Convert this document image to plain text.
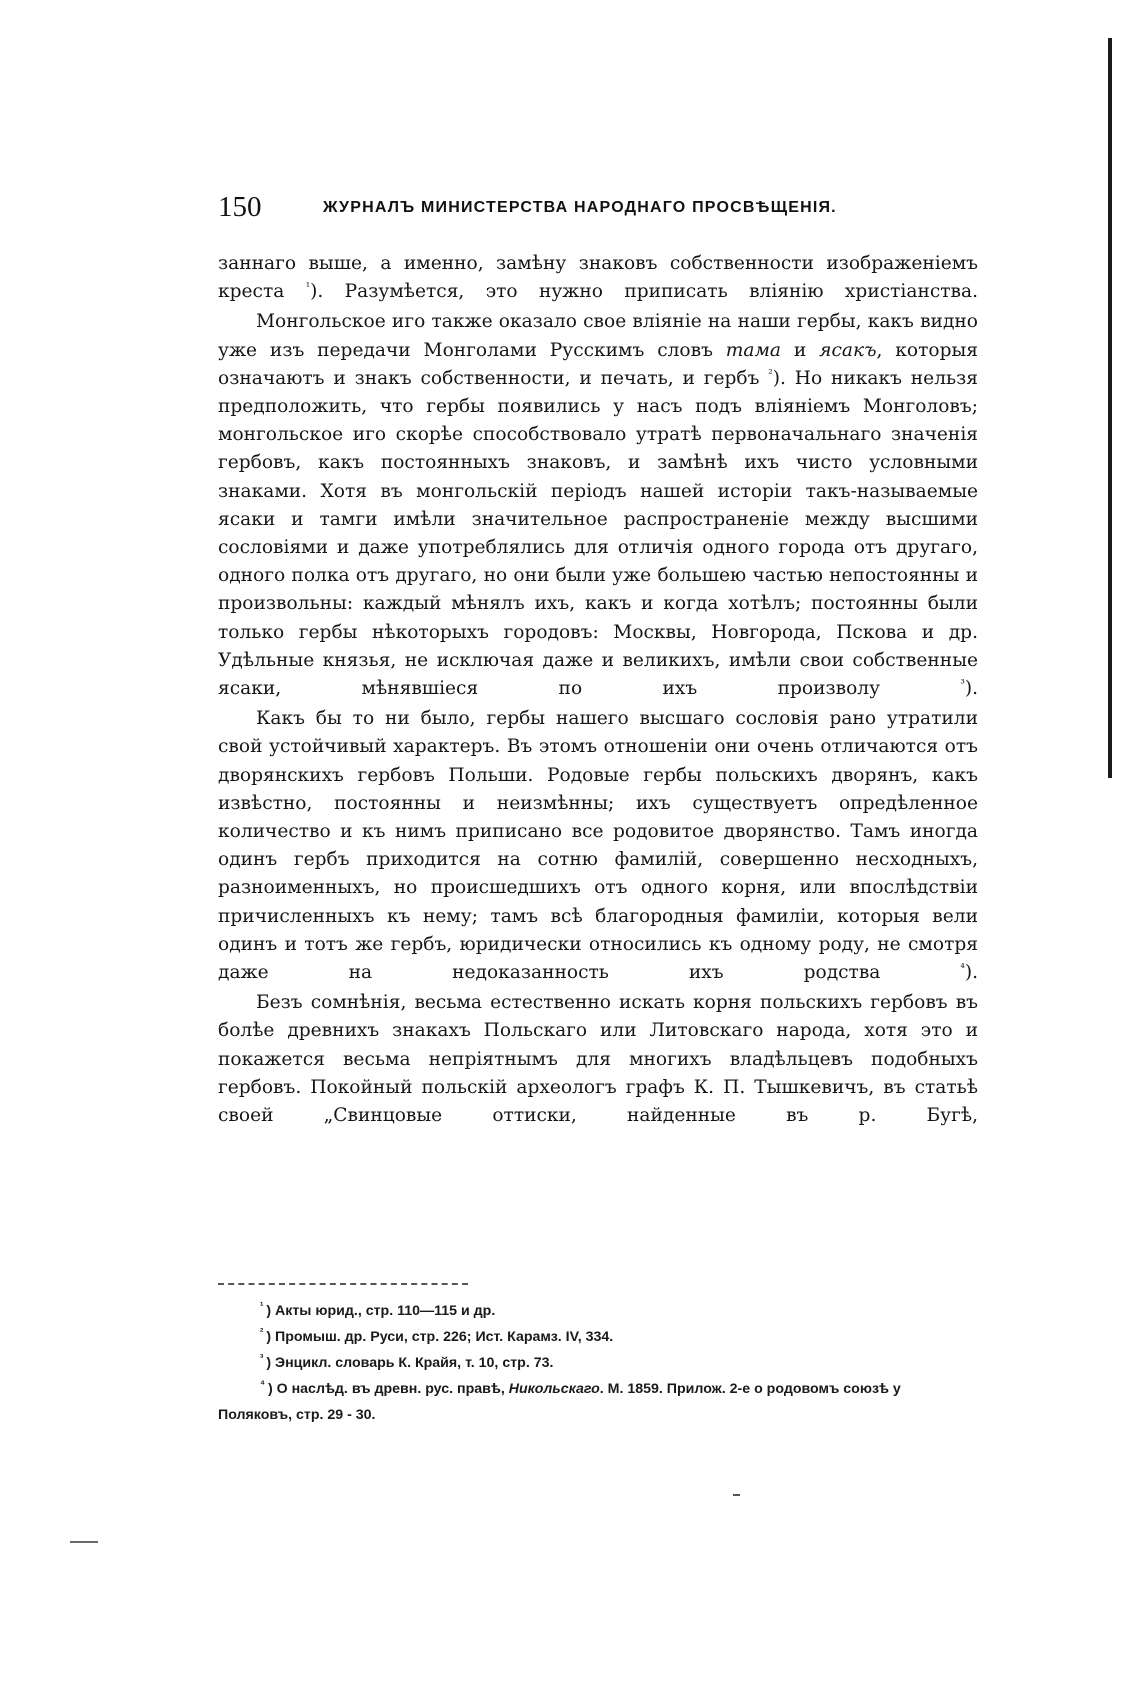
150	ЖУРНАЛЪ МИНИСТЕРСТВА НАРОДНАГО ПРОСВѢЩЕНІЯ.

заннаго выше, а именно, замѣну знаковъ собственности изображеніемъ креста $^{^1}$). Разумѣется, это нужно приписать вліянію христіанства.

Монгольское иго также оказало свое вліяніе на наши гербы, какъ видно уже изъ передачи Монголами Русскимъ словъ тама и ясакъ, которыя означаютъ и знакъ собственности, и печать, и гербъ $^{^2}$). Но никакъ нельзя предположить, что гербы появились у насъ подъ вліяніемъ Монголовъ; монгольское иго скорѣе способствовало утратѣ первоначальнаго значенія гербовъ, какъ постоянныхъ знаковъ, и замѣнѣ ихъ чисто условными знаками. Хотя въ монгольскій періодъ нашей исторіи такъ-называемые ясаки и тамги имѣли значительное распространеніе между высшими сословіями и даже употреблялись для отличія одного города отъ другаго, одного полка отъ другаго, но они были уже большею частью непостоянны и произвольны: каждый мѣнялъ ихъ, какъ и когда хотѣлъ; постоянны были только гербы нѣкоторыхъ городовъ: Москвы, Новгорода, Пскова и др. Удѣльные князья, не исключая даже и великихъ, имѣли свои собственные ясаки, мѣнявшіеся по ихъ произволу $^{^3}$).

Какъ бы то ни было, гербы нашего высшаго сословія рано утратили свой устойчивый характеръ. Въ этомъ отношеніи они очень отличаются отъ дворянскихъ гербовъ Польши. Родовые гербы польскихъ дворянъ, какъ извѣстно, постоянны и неизмѣнны; ихъ существуетъ опредѣленное количество и къ нимъ приписано все родовитое дворянство. Тамъ иногда одинъ гербъ приходится на сотню фамилій, совершенно несходныхъ, разноименныхъ, но происшедшихъ отъ одного корня, или впослѣдствіи причисленныхъ къ нему; тамъ всѣ благородныя фамиліи, которыя вели одинъ и тотъ же гербъ, юридически относились къ одному роду, не смотря даже на недоказанность ихъ родства $^{^4}$).

Безъ сомнѣнія, весьма естественно искать корня польскихъ гербовъ въ болѣе древнихъ знакахъ Польскаго или Литовскаго народа, хотя это и покажется весьма непріятнымъ для многихъ владѣльцевъ подобныхъ гербовъ. Покойный польскій археологъ графъ К. П. Тышкевичъ, въ статьѣ своей „Свинцовые оттиски, найденные въ р. Бугѣ,

$^{^1}$ ) Акты юрид., стр. 110—115 и др.

$^{^2}$ ) Промыш. др. Руси, стр. 226; Ист. Карамз. IV, 334.

$^{^3}$ ) Энцикл. словарь К. Крайя, т. 10, стр. 73.

$^{^4}$ ) О наслѣд. въ древн. рус. правѣ, Никольскаго. М. 1859. Прилож. 2-е о родовомъ союзѣ у Поляковъ, стр. 29 - 30.
